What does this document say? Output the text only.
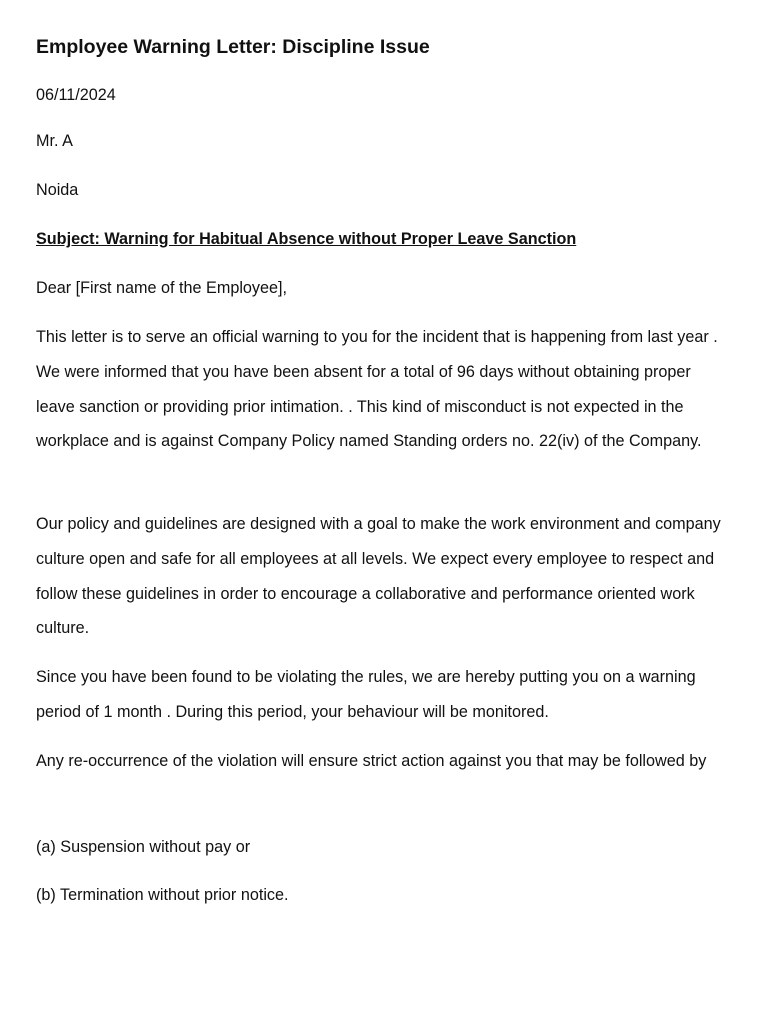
Employee Warning Letter: Discipline Issue

06/11/2024

Mr. A

Noida

Subject: Warning for Habitual Absence without Proper Leave Sanction

Dear [First name of the Employee],

This letter is to serve an official warning to you for the incident that is happening from last year . We were informed that you have been absent for a total of 96 days without obtaining proper leave sanction or providing prior intimation. . This kind of misconduct is not expected in the workplace and is against Company Policy named Standing orders no. 22(iv) of the Company.

Our policy and guidelines are designed with a goal to make the work environment and company culture open and safe for all employees at all levels. We expect every employee to respect and follow these guidelines in order to encourage a collaborative and performance oriented work culture.

Since you have been found to be violating the rules, we are hereby putting you on a warning period of 1 month . During this period, your behaviour will be monitored.

Any re-occurrence of the violation will ensure strict action against you that may be followed by

(a) Suspension without pay or

(b) Termination without prior notice.
